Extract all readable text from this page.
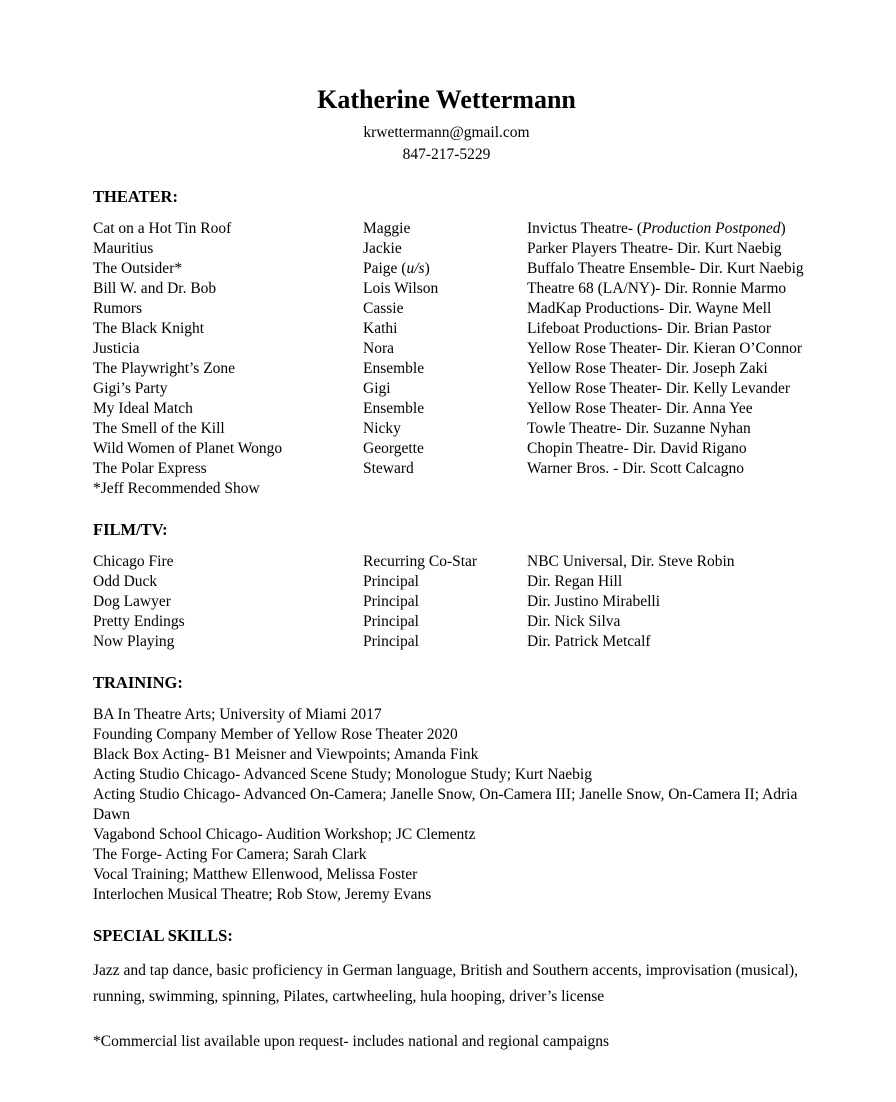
Katherine Wettermann
krwettermann@gmail.com
847-217-5229
THEATER:
Cat on a Hot Tin Roof	Maggie	Invictus Theatre- (Production Postponed)
Mauritius	Jackie	Parker Players Theatre- Dir. Kurt Naebig
The Outsider*	Paige (u/s)	Buffalo Theatre Ensemble- Dir. Kurt Naebig
Bill W. and Dr. Bob	Lois Wilson	Theatre 68 (LA/NY)- Dir. Ronnie Marmo
Rumors	Cassie	MadKap Productions- Dir. Wayne Mell
The Black Knight	Kathi	Lifeboat Productions- Dir. Brian Pastor
Justicia	Nora	Yellow Rose Theater- Dir. Kieran O’Connor
The Playwright’s Zone	Ensemble	Yellow Rose Theater- Dir. Joseph Zaki
Gigi’s Party	Gigi	Yellow Rose Theater- Dir. Kelly Levander
My Ideal Match	Ensemble	Yellow Rose Theater- Dir. Anna Yee
The Smell of the Kill	Nicky	Towle Theatre- Dir. Suzanne Nyhan
Wild Women of Planet Wongo	Georgette	Chopin Theatre- Dir. David Rigano
The Polar Express	Steward	Warner Bros. - Dir. Scott Calcagno
*Jeff Recommended Show
FILM/TV:
Chicago Fire	Recurring Co-Star	NBC Universal, Dir. Steve Robin
Odd Duck	Principal	Dir. Regan Hill
Dog Lawyer	Principal	Dir. Justino Mirabelli
Pretty Endings	Principal	Dir. Nick Silva
Now Playing	Principal	Dir. Patrick Metcalf
TRAINING:
BA In Theatre Arts; University of Miami 2017
Founding Company Member of Yellow Rose Theater 2020
Black Box Acting- B1 Meisner and Viewpoints; Amanda Fink
Acting Studio Chicago- Advanced Scene Study; Monologue Study; Kurt Naebig
Acting Studio Chicago- Advanced On-Camera; Janelle Snow, On-Camera III; Janelle Snow, On-Camera II; Adria Dawn
Vagabond School Chicago- Audition Workshop; JC Clementz
The Forge- Acting For Camera; Sarah Clark
Vocal Training; Matthew Ellenwood, Melissa Foster
Interlochen Musical Theatre; Rob Stow, Jeremy Evans
SPECIAL SKILLS:

Jazz and tap dance, basic proficiency in German language, British and Southern accents, improvisation (musical), running, swimming, spinning, Pilates, cartwheeling, hula hooping, driver’s license

*Commercial list available upon request- includes national and regional campaigns
